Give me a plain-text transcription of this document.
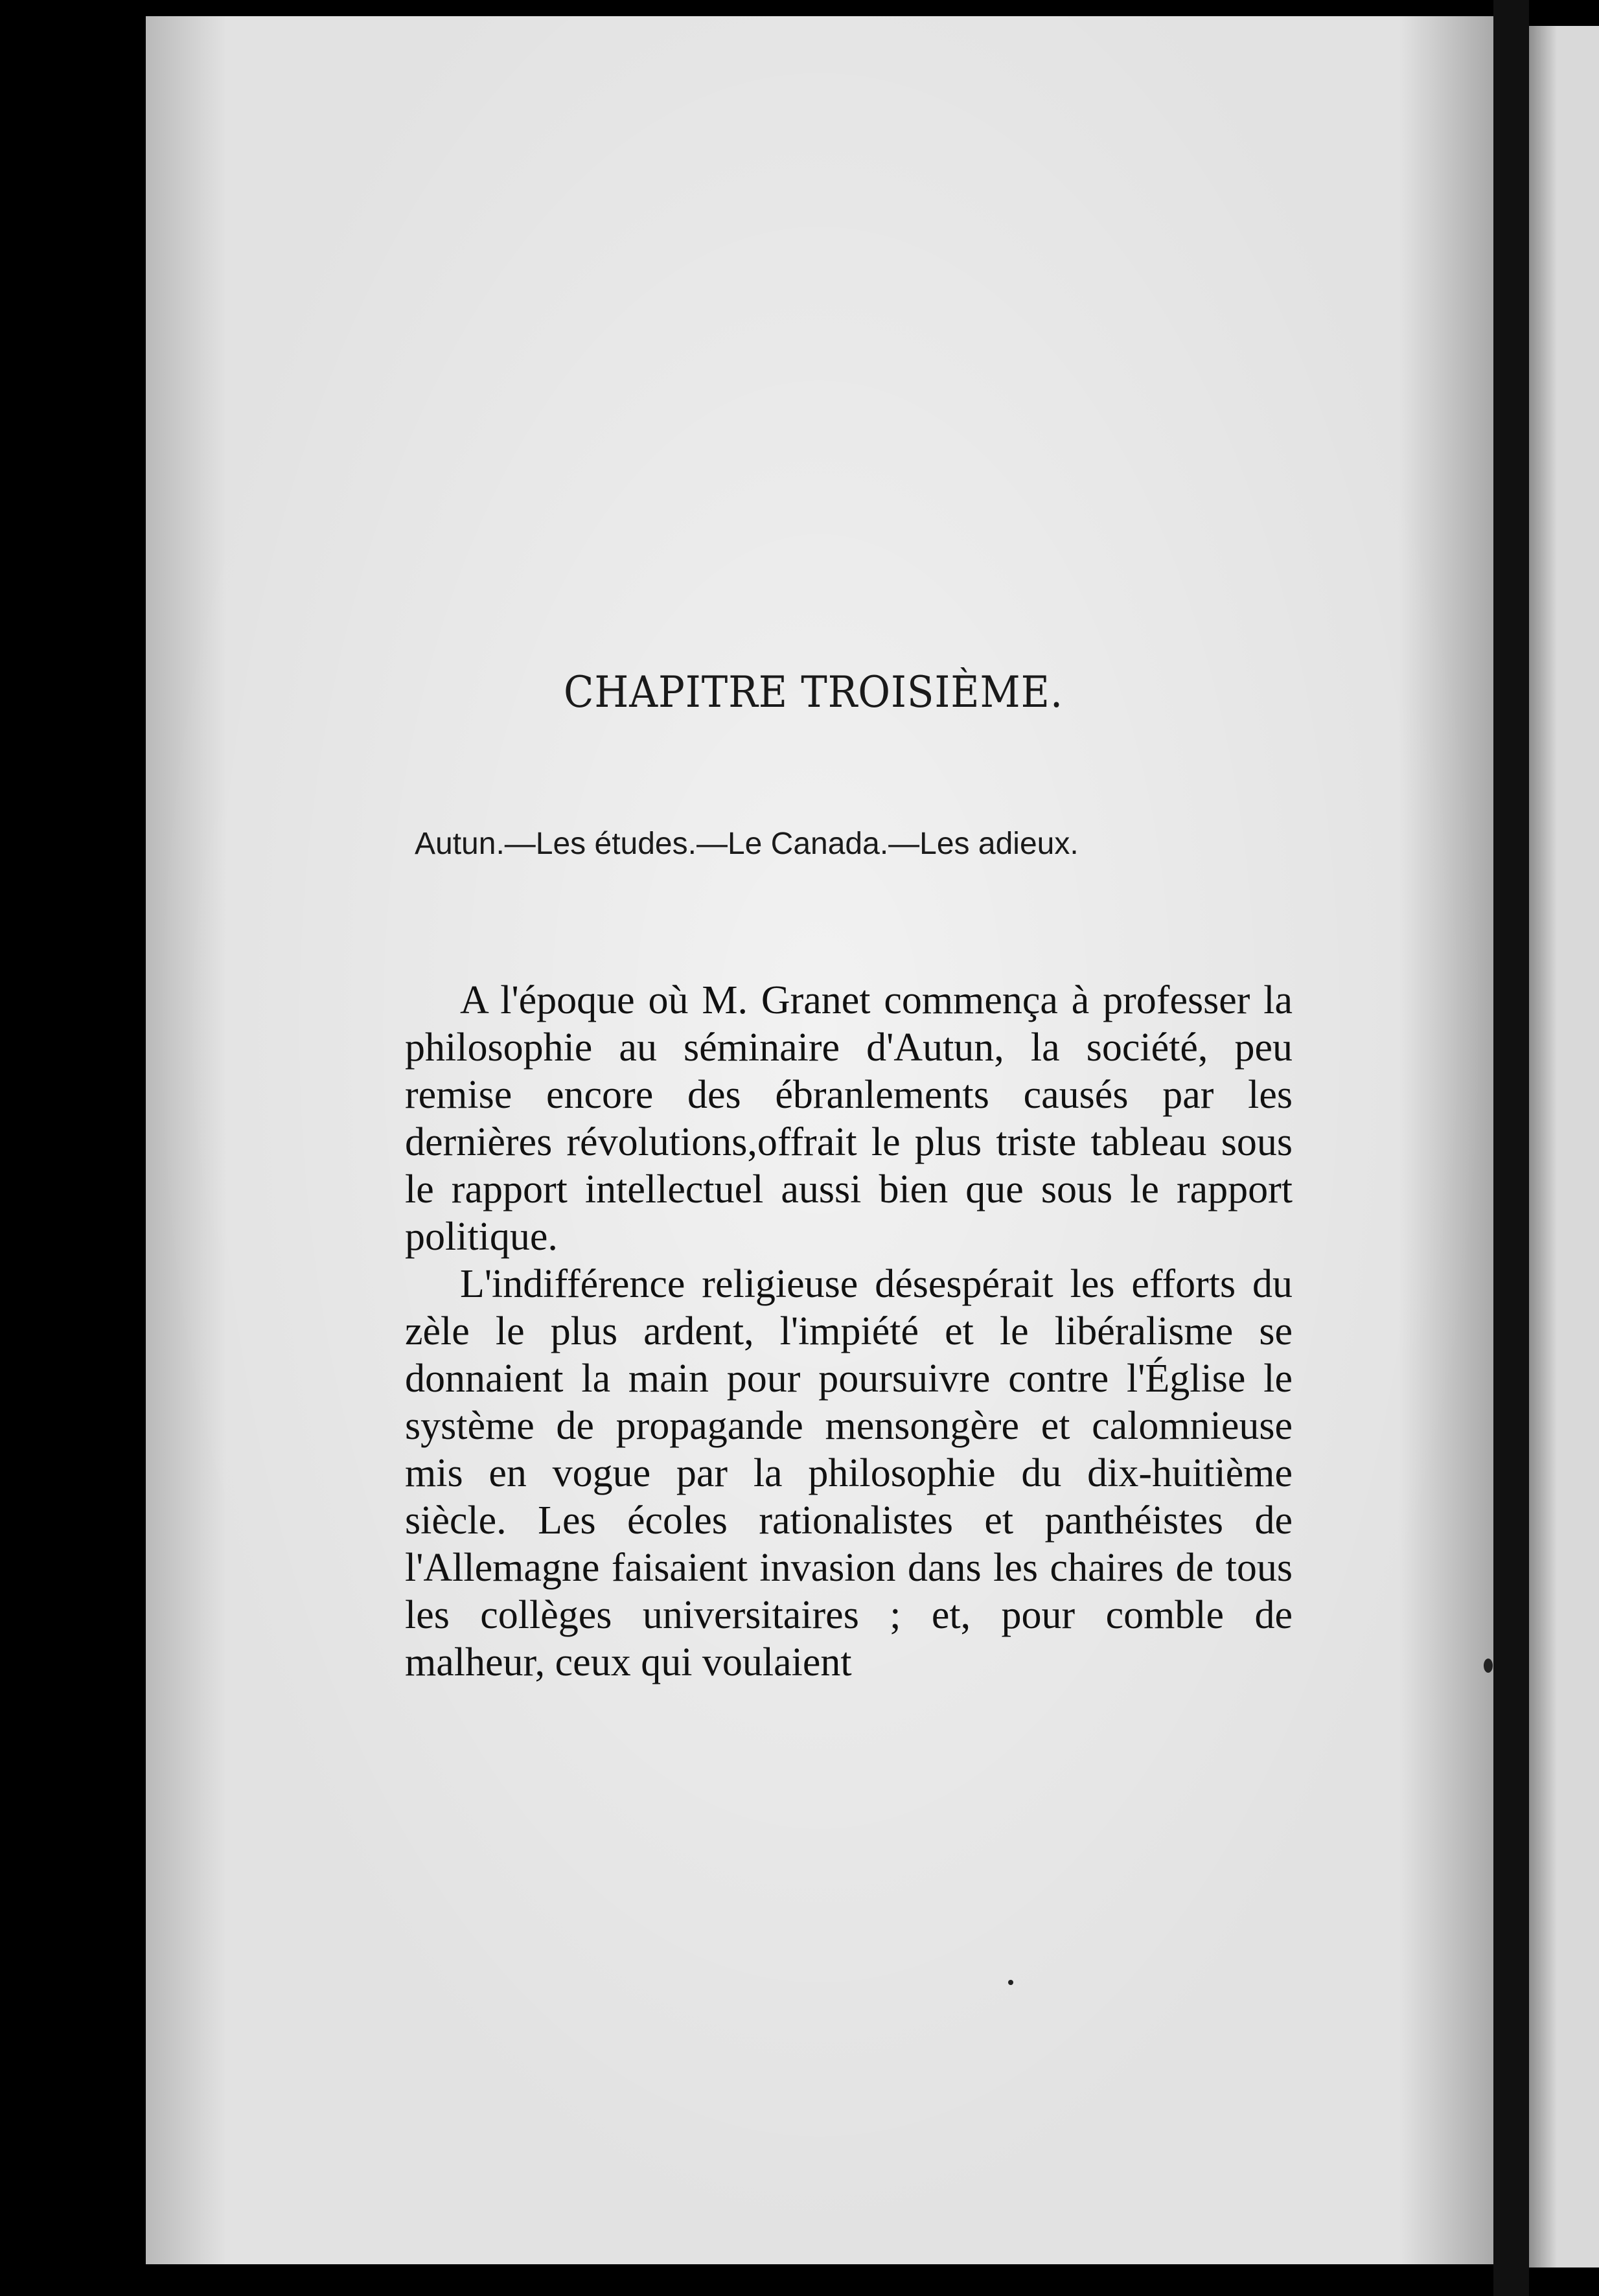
CHAPITRE TROISIÈME.
Autun.—Les études.—Le Canada.—Les adieux.

A l'époque où M. Granet commença à professer la philosophie au séminaire d'Autun, la société, peu remise encore des ébranlements causés par les dernières révolutions,offrait le plus triste tableau sous le rapport intellectuel aussi bien que sous le rapport politique.

L'indifférence religieuse désespérait les efforts du zèle le plus ardent, l'impiété et le libéralisme se donnaient la main pour poursuivre contre l'Église le système de propagande mensongère et calomnieuse mis en vogue par la philosophie du dix-huitième siècle. Les écoles rationalistes et panthéistes de l'Allemagne faisaient invasion dans les chaires de tous les collèges universitaires ; et, pour comble de malheur, ceux qui voulaient
